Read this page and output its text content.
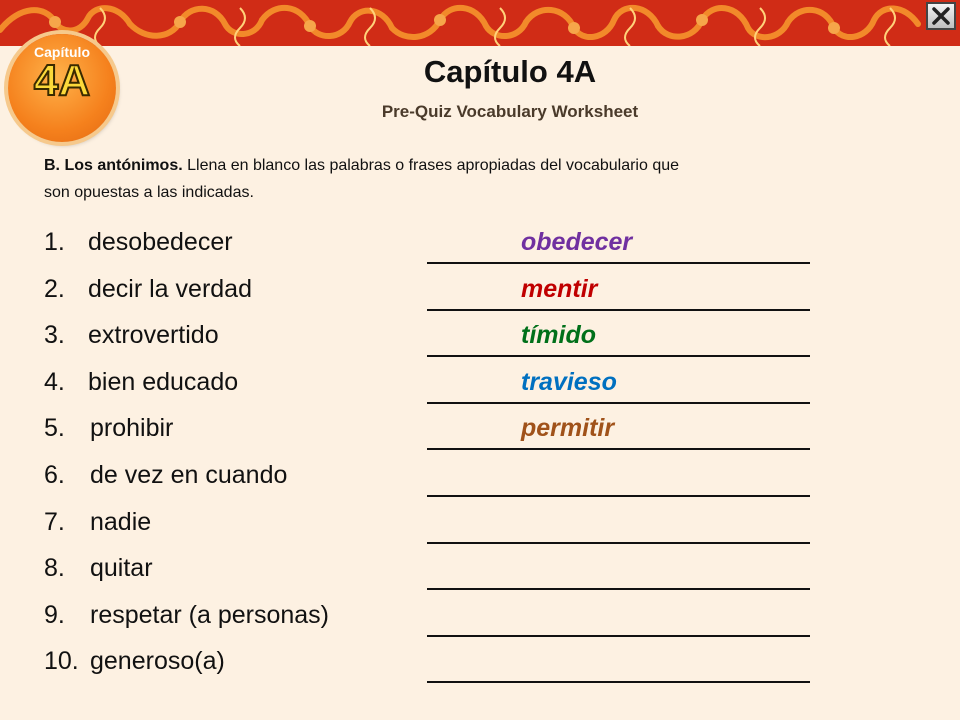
Capítulo
4A	Capítulo 4A
Pre-Quiz Vocabulary Worksheet
B. Los antónimos. Llena en blanco las palabras o frases apropiadas del vocabulario que
son opuestas a las indicadas.
1. desobedecer	obedecer
2. decir la verdad	mentir
3. extrovertido	tímido
4. bien educado	travieso
5. prohibir	permitir
6. de vez en cuando
7. nadie
8. quitar
9. respetar (a personas)
10. generoso(a)
